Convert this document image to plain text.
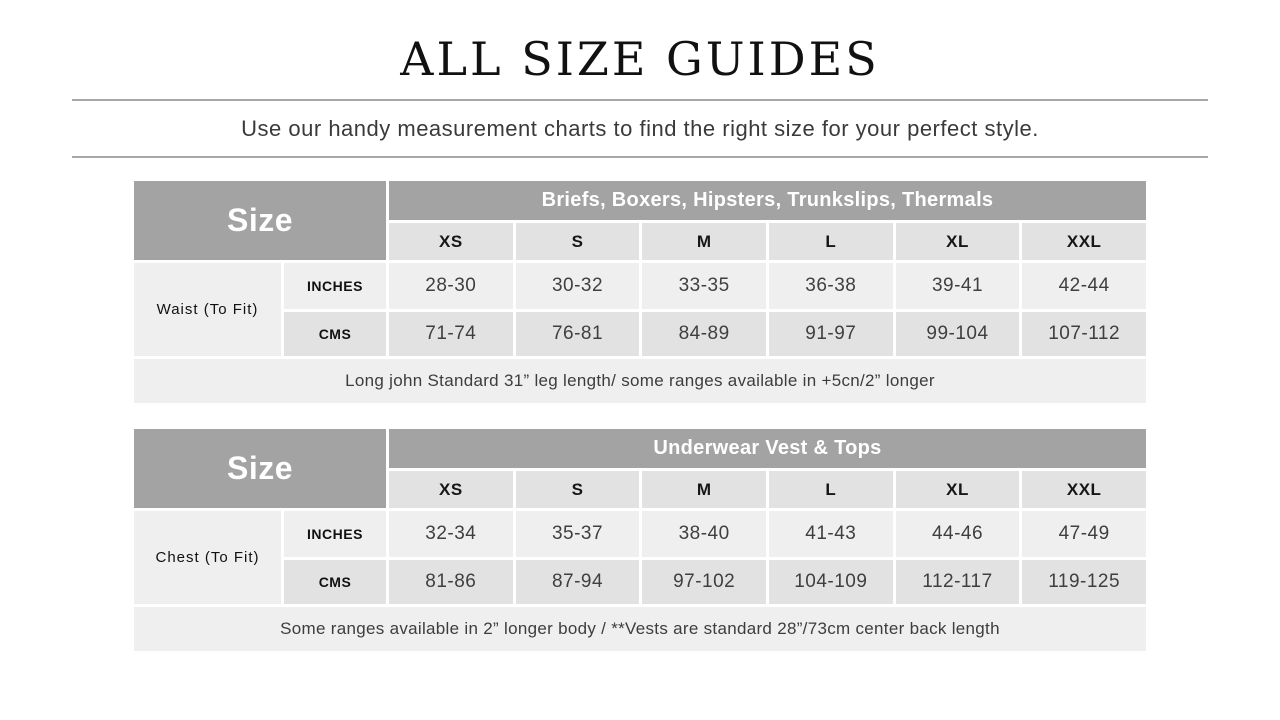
ALL SIZE GUIDES
Use our handy measurement charts to find the right size for your perfect style.
Size
Briefs, Boxers, Hipsters, Trunkslips, Thermals
XS	S	M	L	XL	XXL
Waist (To Fit)
INCHES	28-30	30-32	33-35	36-38	39-41	42-44
CMS	71-74	76-81	84-89	91-97	99-104	107-112
Long john Standard 31” leg length/ some ranges available in +5cn/2” longer
Size
Underwear Vest & Tops
XS	S	M	L	XL	XXL
Chest (To Fit)
INCHES	32-34	35-37	38-40	41-43	44-46	47-49
CMS	81-86	87-94	97-102	104-109	112-117	119-125
Some ranges available in 2” longer body / **Vests are standard 28”/73cm center back length
